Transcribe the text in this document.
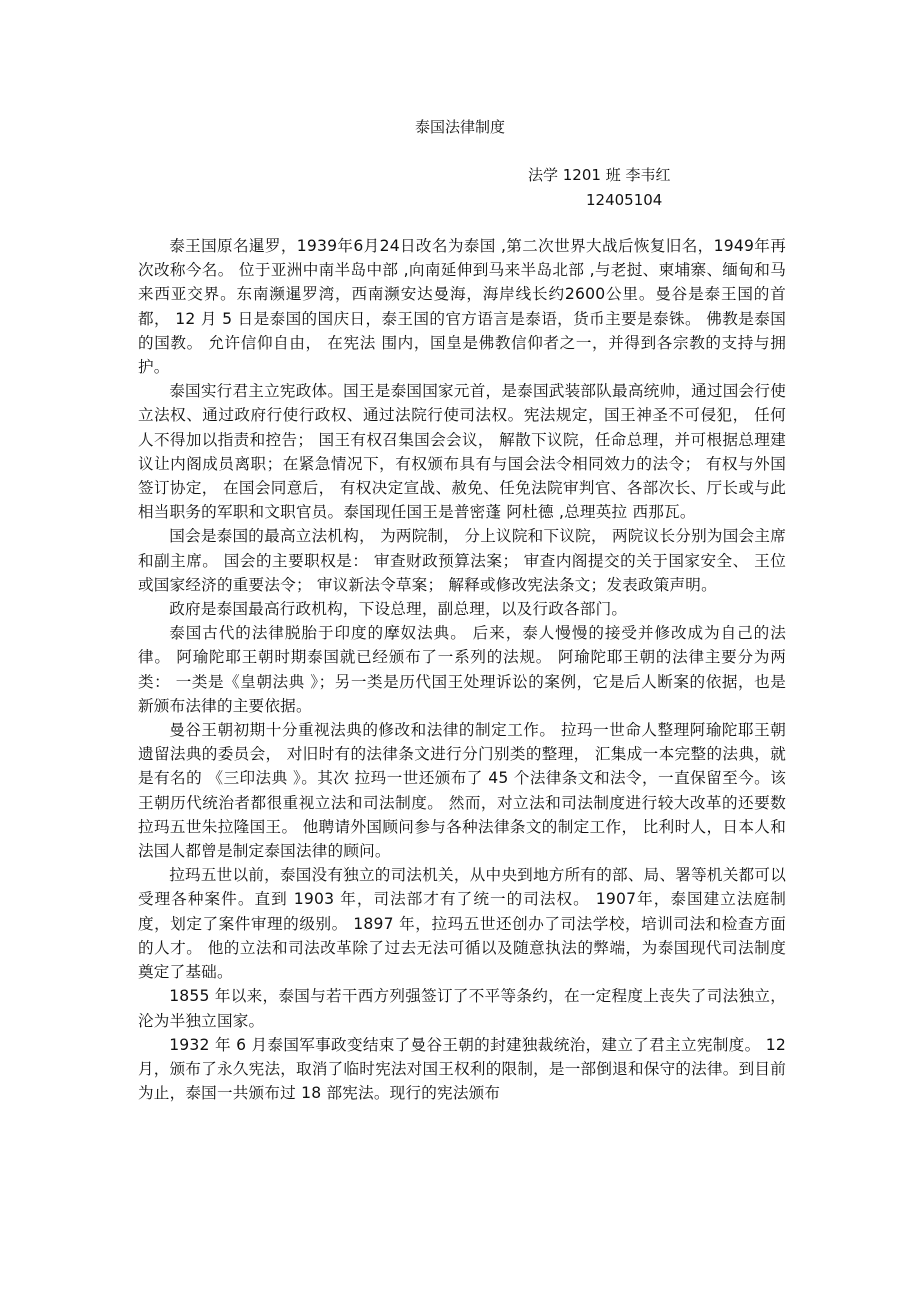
泰国法律制度
法学 1201 班 李韦红
12405104

泰王国原名暹罗，1939年6月24日改名为泰国 ,第二次世界大战后恢复旧名，1949年再次改称今名。 位于亚洲中南半岛中部 ,向南延伸到马来半岛北部 ,与老挝、柬埔寨、缅甸和马来西亚交界。东南濒暹罗湾，西南濒安达曼海，海岸线长约2600公里。曼谷是泰王国的首都， 12 月 5 日是泰国的国庆日，泰王国的官方语言是泰语，货币主要是泰铢。 佛教是泰国的国教。 允许信仰自由， 在宪法 围内，国皇是佛教信仰者之一，并得到各宗教的支持与拥护。

泰国实行君主立宪政体。国王是泰国国家元首，是泰国武装部队最高统帅，通过国会行使立法权、通过政府行使行政权、通过法院行使司法权。宪法规定，国王神圣不可侵犯， 任何人不得加以指责和控告； 国王有权召集国会会议， 解散下议院，任命总理，并可根据总理建议让内阁成员离职；在紧急情况下，有权颁布具有与国会法令相同效力的法令； 有权与外国签订协定， 在国会同意后， 有权决定宣战、赦免、任免法院审判官、各部次长、厅长或与此相当职务的军职和文职官员。泰国现任国王是普密蓬 阿杜德 ,总理英拉 西那瓦。

国会是泰国的最高立法机构， 为两院制， 分上议院和下议院， 两院议长分别为国会主席和副主席。 国会的主要职权是： 审查财政预算法案； 审查内阁提交的关于国家安全、 王位或国家经济的重要法令； 审议新法令草案； 解释或修改宪法条文；发表政策声明。

政府是泰国最高行政机构，下设总理，副总理，以及行政各部门。

泰国古代的法律脱胎于印度的摩奴法典。 后来，泰人慢慢的接受并修改成为自己的法律。 阿瑜陀耶王朝时期泰国就已经颁布了一系列的法规。 阿瑜陀耶王朝的法律主要分为两类： 一类是《皇朝法典 》；另一类是历代国王处理诉讼的案例，它是后人断案的依据，也是新颁布法律的主要依据。

曼谷王朝初期十分重视法典的修改和法律的制定工作。 拉玛一世命人整理阿瑜陀耶王朝遗留法典的委员会， 对旧时有的法律条文进行分门别类的整理， 汇集成一本完整的法典，就是有名的 《三印法典 》。其次 拉玛一世还颁布了 45 个法律条文和法令，一直保留至今。该王朝历代统治者都很重视立法和司法制度。 然而，对立法和司法制度进行较大改革的还要数拉玛五世朱拉隆国王。 他聘请外国顾问参与各种法律条文的制定工作， 比利时人，日本人和法国人都曾是制定泰国法律的顾问。

拉玛五世以前，泰国没有独立的司法机关，从中央到地方所有的部、局、署等机关都可以受理各种案件。直到 1903 年，司法部才有了统一的司法权。 1907年，泰国建立法庭制度，划定了案件审理的级别。 1897 年，拉玛五世还创办了司法学校，培训司法和检查方面的人才。 他的立法和司法改革除了过去无法可循以及随意执法的弊端，为泰国现代司法制度奠定了基础。

1855 年以来，泰国与若干西方列强签订了不平等条约，在一定程度上丧失了司法独立，沦为半独立国家。

1932 年 6 月泰国军事政变结束了曼谷王朝的封建独裁统治，建立了君主立宪制度。 12 月，颁布了永久宪法，取消了临时宪法对国王权利的限制，是一部倒退和保守的法律。到目前为止，泰国一共颁布过 18 部宪法。现行的宪法颁布
